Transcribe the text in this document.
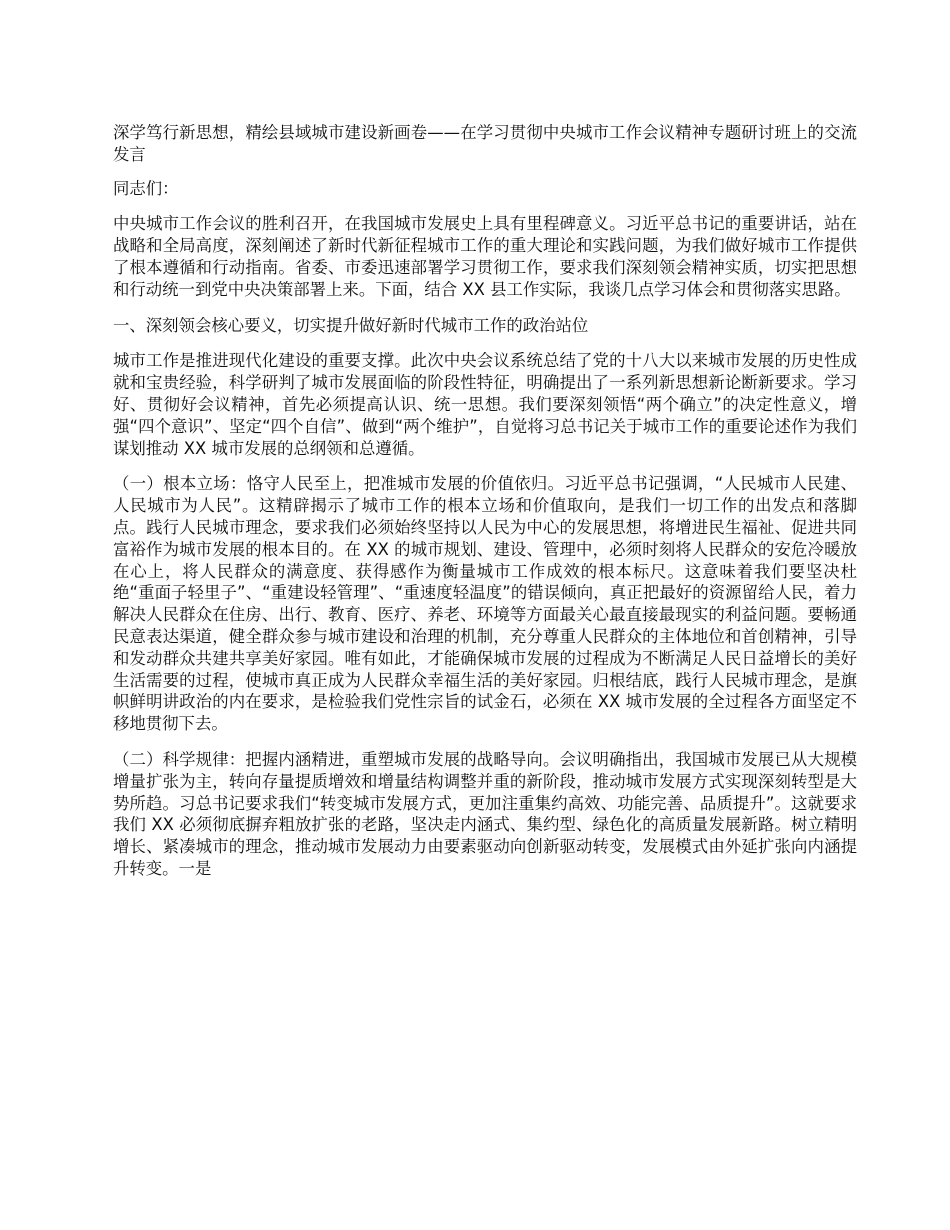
深学笃行新思想，精绘县域城市建设新画卷——在学习贯彻中央城市工作会议精神专题研讨班上的交流发言

同志们：

中央城市工作会议的胜利召开，在我国城市发展史上具有里程碑意义。习近平总书记的重要讲话，站在战略和全局高度，深刻阐述了新时代新征程城市工作的重大理论和实践问题，为我们做好城市工作提供了根本遵循和行动指南。省委、市委迅速部署学习贯彻工作，要求我们深刻领会精神实质，切实把思想和行动统一到党中央决策部署上来。下面，结合 XX 县工作实际，我谈几点学习体会和贯彻落实思路。

一、深刻领会核心要义，切实提升做好新时代城市工作的政治站位

城市工作是推进现代化建设的重要支撑。此次中央会议系统总结了党的十八大以来城市发展的历史性成就和宝贵经验，科学研判了城市发展面临的阶段性特征，明确提出了一系列新思想新论断新要求。学习好、贯彻好会议精神，首先必须提高认识、统一思想。我们要深刻领悟“两个确立”的决定性意义，增强“四个意识”、坚定“四个自信”、做到“两个维护”，自觉将习总书记关于城市工作的重要论述作为我们谋划推动 XX 城市发展的总纲领和总遵循。

（一）根本立场：恪守人民至上，把准城市发展的价值依归。习近平总书记强调，“人民城市人民建、人民城市为人民”。这精辟揭示了城市工作的根本立场和价值取向，是我们一切工作的出发点和落脚点。践行人民城市理念，要求我们必须始终坚持以人民为中心的发展思想，将增进民生福祉、促进共同富裕作为城市发展的根本目的。在 XX 的城市规划、建设、管理中，必须时刻将人民群众的安危冷暖放在心上，将人民群众的满意度、获得感作为衡量城市工作成效的根本标尺。这意味着我们要坚决杜绝“重面子轻里子”、“重建设轻管理”、“重速度轻温度”的错误倾向，真正把最好的资源留给人民，着力解决人民群众在住房、出行、教育、医疗、养老、环境等方面最关心最直接最现实的利益问题。要畅通民意表达渠道，健全群众参与城市建设和治理的机制，充分尊重人民群众的主体地位和首创精神，引导和发动群众共建共享美好家园。唯有如此，才能确保城市发展的过程成为不断满足人民日益增长的美好生活需要的过程，使城市真正成为人民群众幸福生活的美好家园。归根结底，践行人民城市理念，是旗帜鲜明讲政治的内在要求，是检验我们党性宗旨的试金石，必须在 XX 城市发展的全过程各方面坚定不移地贯彻下去。

（二）科学规律：把握内涵精进，重塑城市发展的战略导向。会议明确指出，我国城市发展已从大规模增量扩张为主，转向存量提质增效和增量结构调整并重的新阶段，推动城市发展方式实现深刻转型是大势所趋。习总书记要求我们“转变城市发展方式，更加注重集约高效、功能完善、品质提升”。这就要求我们 XX 必须彻底摒弃粗放扩张的老路，坚决走内涵式、集约型、绿色化的高质量发展新路。树立精明增长、紧凑城市的理念，推动城市发展动力由要素驱动向创新驱动转变，发展模式由外延扩张向内涵提升转变。一是
